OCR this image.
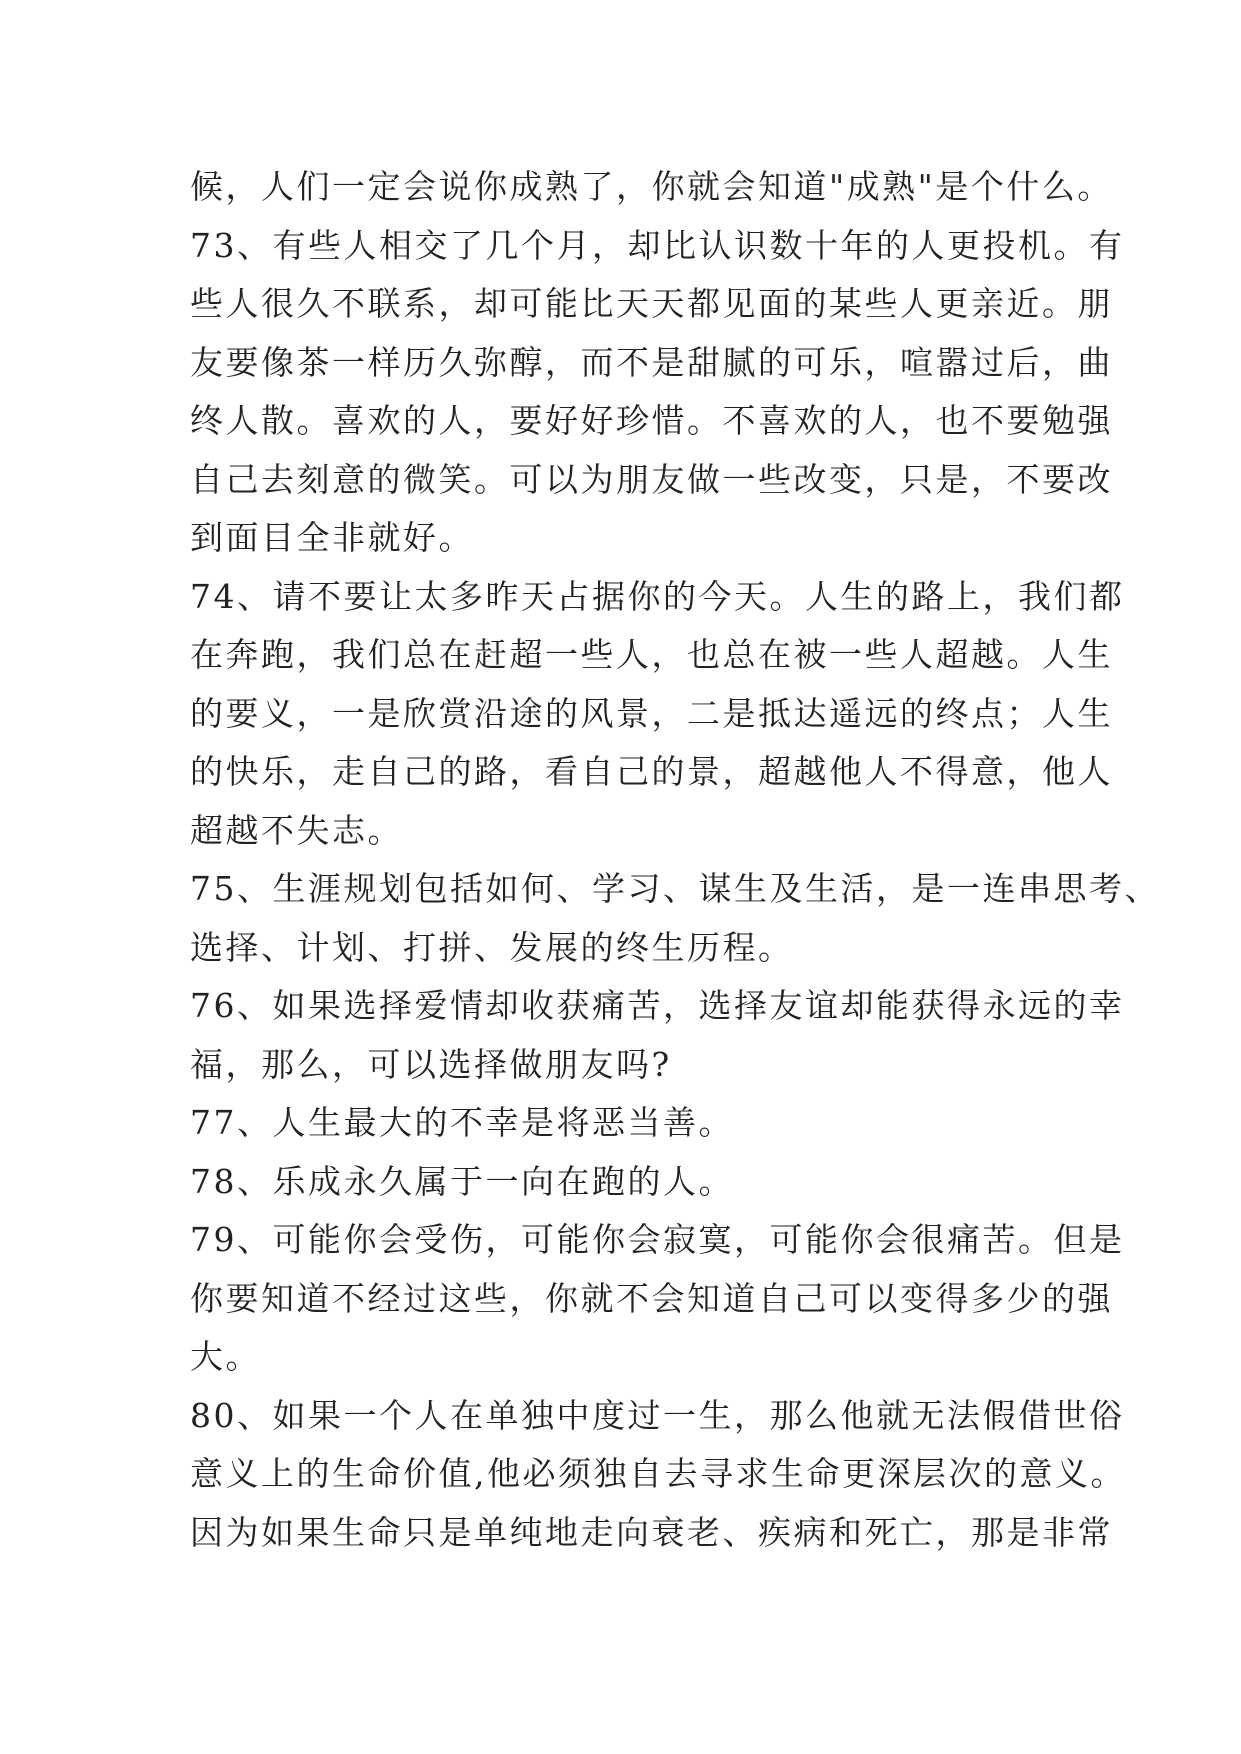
候，人们一定会说你成熟了，你就会知道"成熟"是个什么。
73、有些人相交了几个月，却比认识数十年的人更投机。有
些人很久不联系，却可能比天天都见面的某些人更亲近。朋
友要像茶一样历久弥醇，而不是甜腻的可乐，喧嚣过后，曲
终人散。喜欢的人，要好好珍惜。不喜欢的人，也不要勉强
自己去刻意的微笑。可以为朋友做一些改变，只是，不要改
到面目全非就好。
74、请不要让太多昨天占据你的今天。人生的路上，我们都
在奔跑，我们总在赶超一些人，也总在被一些人超越。人生
的要义，一是欣赏沿途的风景，二是抵达遥远的终点；人生
的快乐，走自己的路，看自己的景，超越他人不得意，他人
超越不失志。
75、生涯规划包括如何、学习、谋生及生活，是一连串思考、
选择、计划、打拼、发展的终生历程。
76、如果选择爱情却收获痛苦，选择友谊却能获得永远的幸
福，那么，可以选择做朋友吗?
77、人生最大的不幸是将恶当善。
78、乐成永久属于一向在跑的人。
79、可能你会受伤，可能你会寂寞，可能你会很痛苦。但是
你要知道不经过这些，你就不会知道自己可以变得多少的强
大。
80、如果一个人在单独中度过一生，那么他就无法假借世俗
意义上的生命价值,他必须独自去寻求生命更深层次的意义。
因为如果生命只是单纯地走向衰老、疾病和死亡，那是非常
